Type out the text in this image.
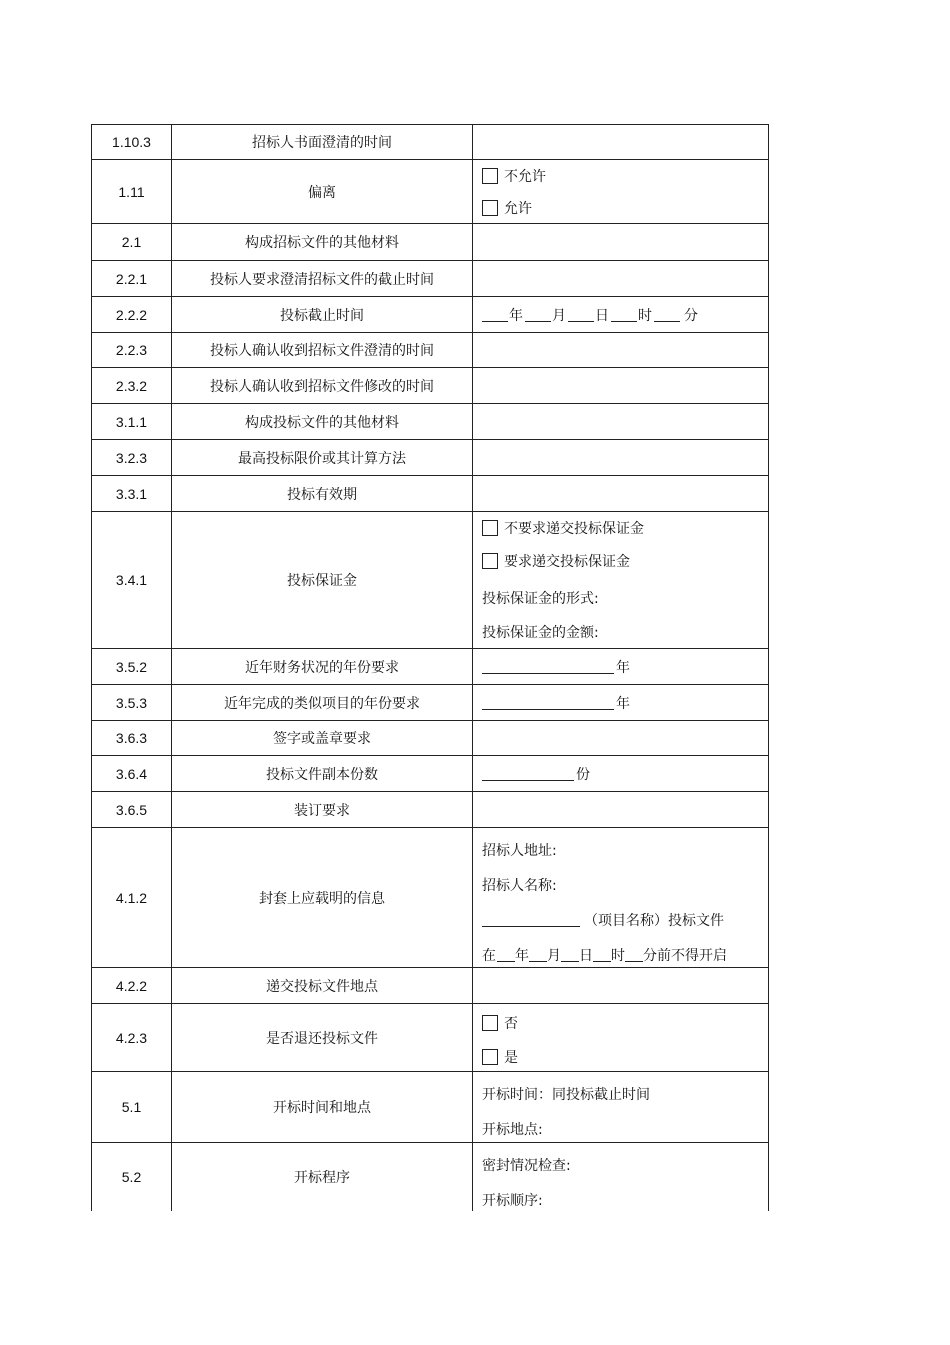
1.10.3	招标人书面澄清的时间
1.11	偏离
不允许
允许
2.1	构成招标文件的其他材料
2.2.1	投标人要求澄清招标文件的截止时间
2.2.2	投标截止时间	年 月 日 时 分
2.2.3	投标人确认收到招标文件澄清的时间
2.3.2	投标人确认收到招标文件修改的时间
3.1.1	构成投标文件的其他材料
3.2.3	最高投标限价或其计算方法
3.3.1	投标有效期
3.4.1	投标保证金
不要求递交投标保证金
要求递交投标保证金
投标保证金的形式:
投标保证金的金额:
3.5.2	近年财务状况的年份要求	年
3.5.3	近年完成的类似项目的年份要求	年
3.6.3	签字或盖章要求
3.6.4	投标文件副本份数	份
3.6.5	装订要求
4.1.2	封套上应载明的信息
招标人地址:
招标人名称:
（项目名称）投标文件
在 年 月 日 时 分前不得开启
4.2.2	递交投标文件地点
4.2.3	是否退还投标文件
否
是
5.1	开标时间和地点
开标时间：同投标截止时间
开标地点:
5.2	开标程序
密封情况检查:
开标顺序:
